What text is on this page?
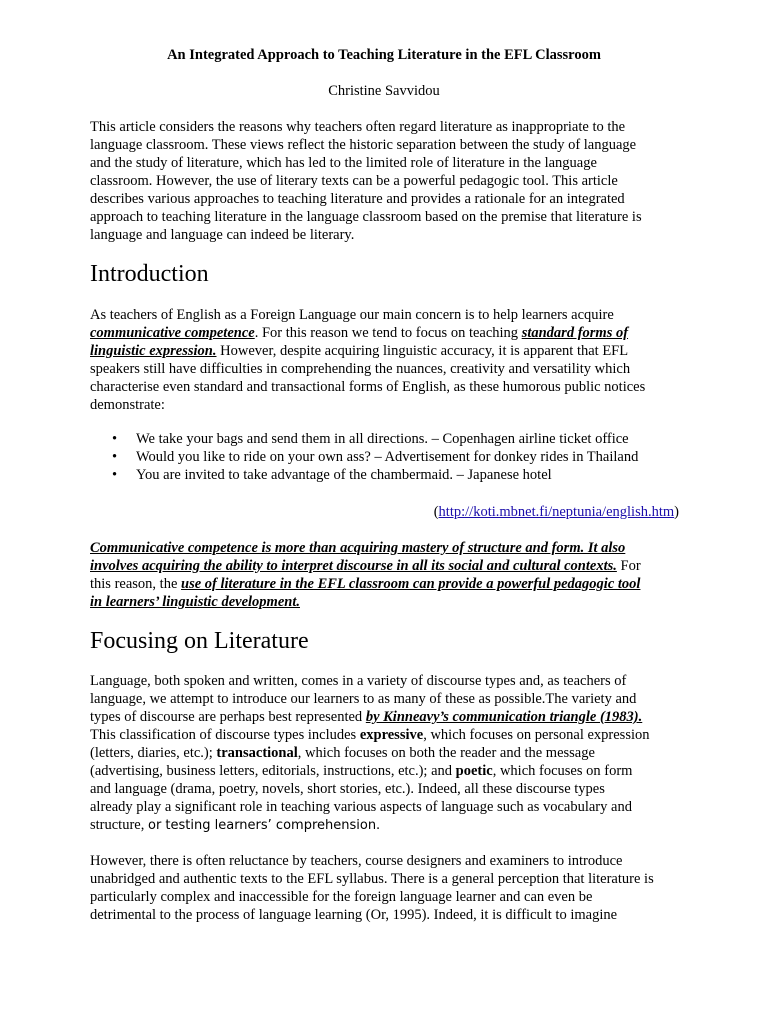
An Integrated Approach to Teaching Literature in the EFL Classroom
Christine Savvidou

This article considers the reasons why teachers often regard literature as inappropriate to the
language classroom. These views reflect the historic separation between the study of language
and the study of literature, which has led to the limited role of literature in the language
classroom. However, the use of literary texts can be a powerful pedagogic tool. This article
describes various approaches to teaching literature and provides a rationale for an integrated
approach to teaching literature in the language classroom based on the premise that literature is
language and language can indeed be literary.

Introduction

As teachers of English as a Foreign Language our main concern is to help learners acquire
communicative competence. For this reason we tend to focus on teaching standard forms of
linguistic expression. However, despite acquiring linguistic accuracy, it is apparent that EFL
speakers still have difficulties in comprehending the nuances, creativity and versatility which
characterise even standard and transactional forms of English, as these humorous public notices
demonstrate:

• We take your bags and send them in all directions. – Copenhagen airline ticket office
• Would you like to ride on your own ass? – Advertisement for donkey rides in Thailand
• You are invited to take advantage of the chambermaid. – Japanese hotel
(http://koti.mbnet.fi/neptunia/english.htm)

Communicative competence is more than acquiring mastery of structure and form. It also
involves acquiring the ability to interpret discourse in all its social and cultural contexts. For
this reason, the use of literature in the EFL classroom can provide a powerful pedagogic tool
in learners’ linguistic development.

Focusing on Literature

Language, both spoken and written, comes in a variety of discourse types and, as teachers of
language, we attempt to introduce our learners to as many of these as possible.The variety and
types of discourse are perhaps best represented by Kinneavy’s communication triangle (1983).
This classification of discourse types includes expressive, which focuses on personal expression
(letters, diaries, etc.); transactional, which focuses on both the reader and the message
(advertising, business letters, editorials, instructions, etc.); and poetic, which focuses on form
and language (drama, poetry, novels, short stories, etc.). Indeed, all these discourse types
already play a significant role in teaching various aspects of language such as vocabulary and
structure, or testing learners’ comprehension.

However, there is often reluctance by teachers, course designers and examiners to introduce
unabridged and authentic texts to the EFL syllabus. There is a general perception that literature is
particularly complex and inaccessible for the foreign language learner and can even be
detrimental to the process of language learning (Or, 1995). Indeed, it is difficult to imagine
